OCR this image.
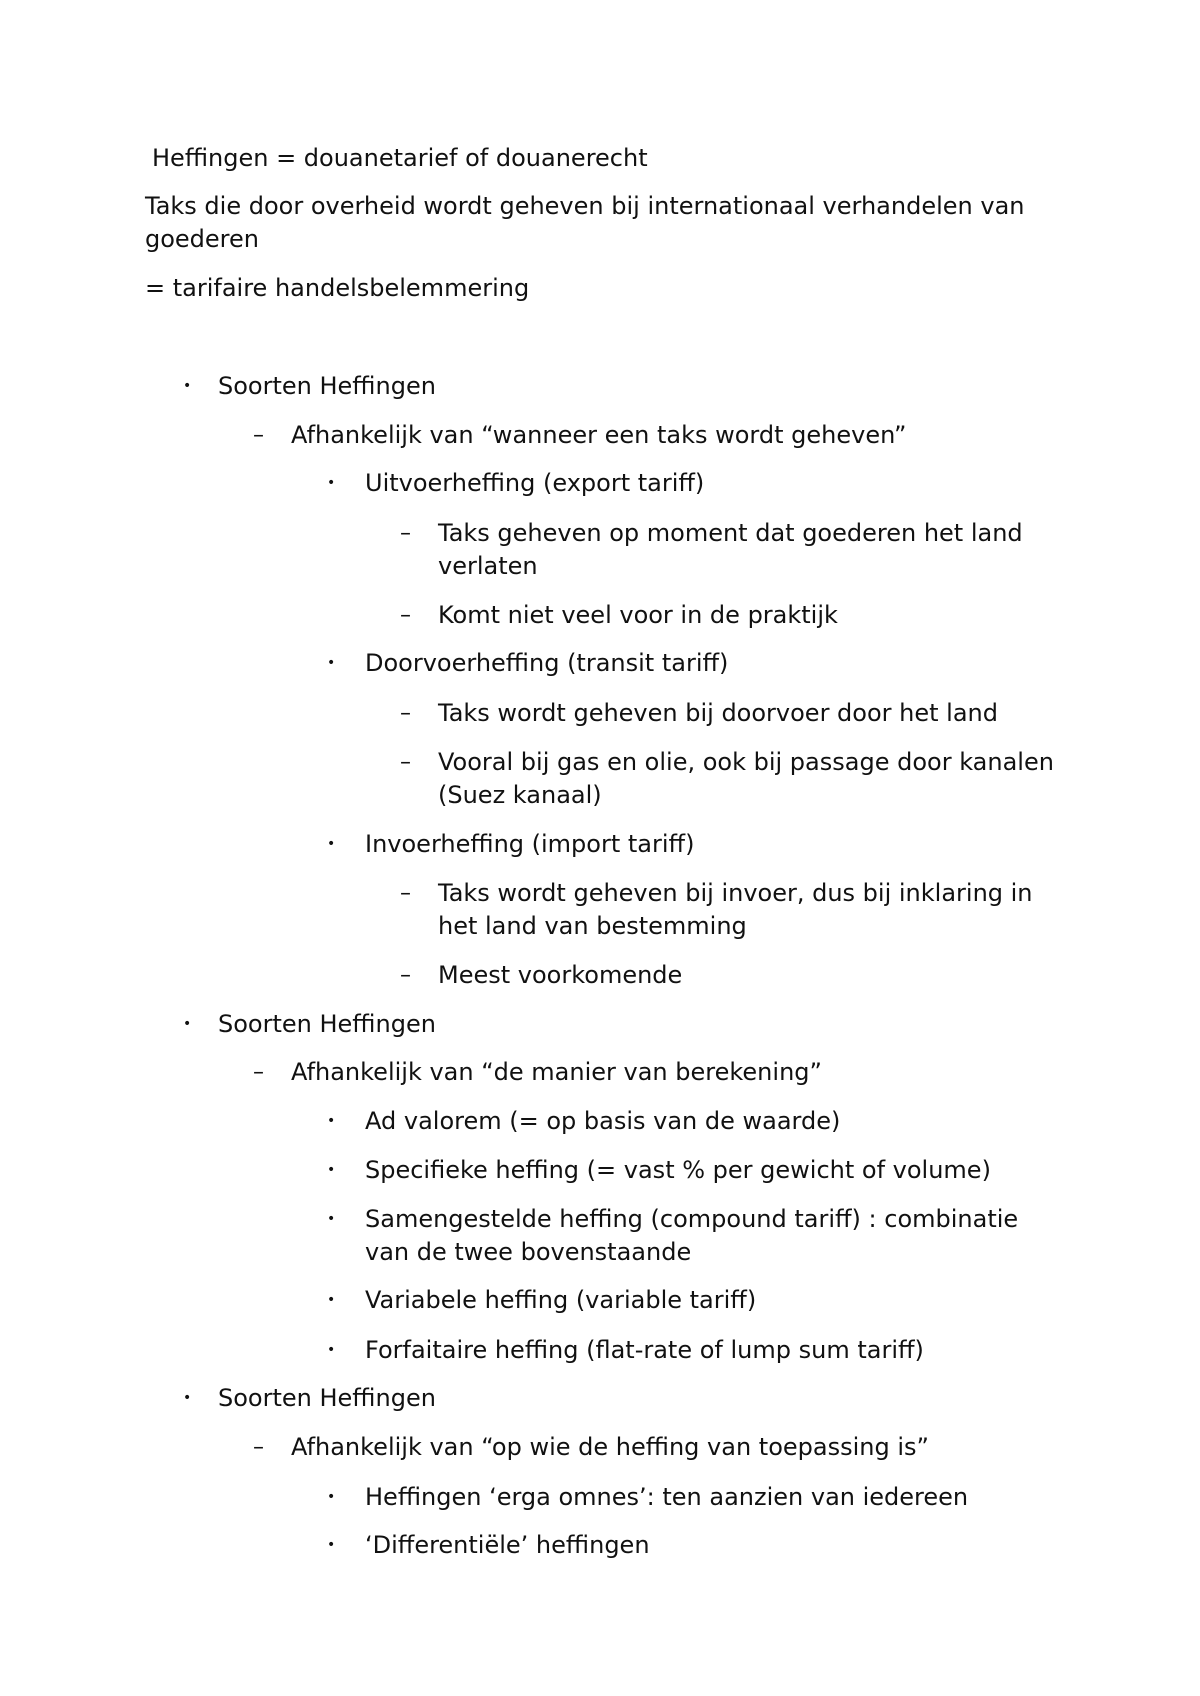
Heffingen = douanetarief of douanerecht
Taks die door overheid wordt geheven bij internationaal verhandelen van
goederen
= tarifaire handelsbelemmering
• Soorten Heffingen
– Afhankelijk van “wanneer een taks wordt geheven”
• Uitvoerheffing (export tariff)
– Taks geheven op moment dat goederen het land
verlaten
– Komt niet veel voor in de praktijk
• Doorvoerheffing (transit tariff)
– Taks wordt geheven bij doorvoer door het land
– Vooral bij gas en olie, ook bij passage door kanalen
(Suez kanaal)
• Invoerheffing (import tariff)
– Taks wordt geheven bij invoer, dus bij inklaring in
het land van bestemming
– Meest voorkomende
• Soorten Heffingen
– Afhankelijk van “de manier van berekening”
• Ad valorem (= op basis van de waarde)
• Specifieke heffing (= vast % per gewicht of volume)
• Samengestelde heffing (compound tariff) : combinatie
van de twee bovenstaande
• Variabele heffing (variable tariff)
• Forfaitaire heffing (flat-rate of lump sum tariff)
• Soorten Heffingen
– Afhankelijk van “op wie de heffing van toepassing is”
• Heffingen ‘erga omnes’: ten aanzien van iedereen
• ‘Differentiële’ heffingen
